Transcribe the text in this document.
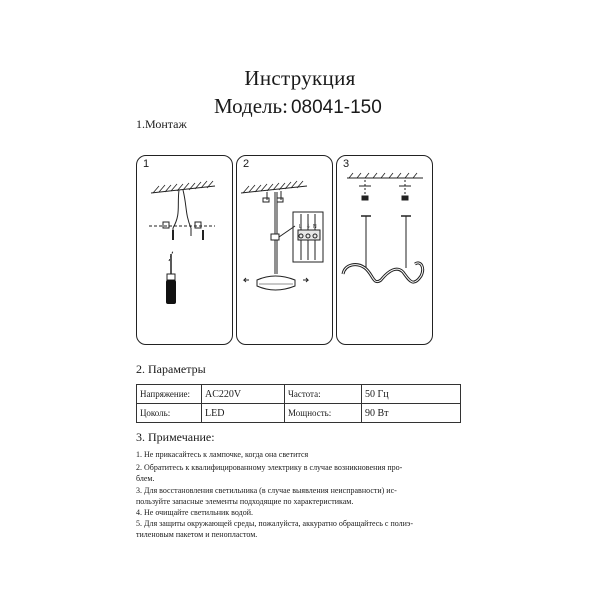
Инструкция
Модель: 08041-150
1.Монтаж
1
L ⏚ N
2	3
2. Параметры
Напряжение:	AC220V	Частота:	50 Гц
Цоколь:	LED	Мощность:	90 Вт
3. Примечание:
1. Не прикасайтесь к лампочке, когда она светится
2. Обратитесь к квалифицированному электрику в случае возникновения про-
блем.
3. Для восстановления светильника (в случае выявления неисправности) ис-
пользуйте запасные элементы подходящие по характеристикам.
4. Не очищайте светильник водой.
5. Для защиты окружающей среды, пожалуйста, аккуратно обращайтесь с полиэ-
тиленовым пакетом и пенопластом.
